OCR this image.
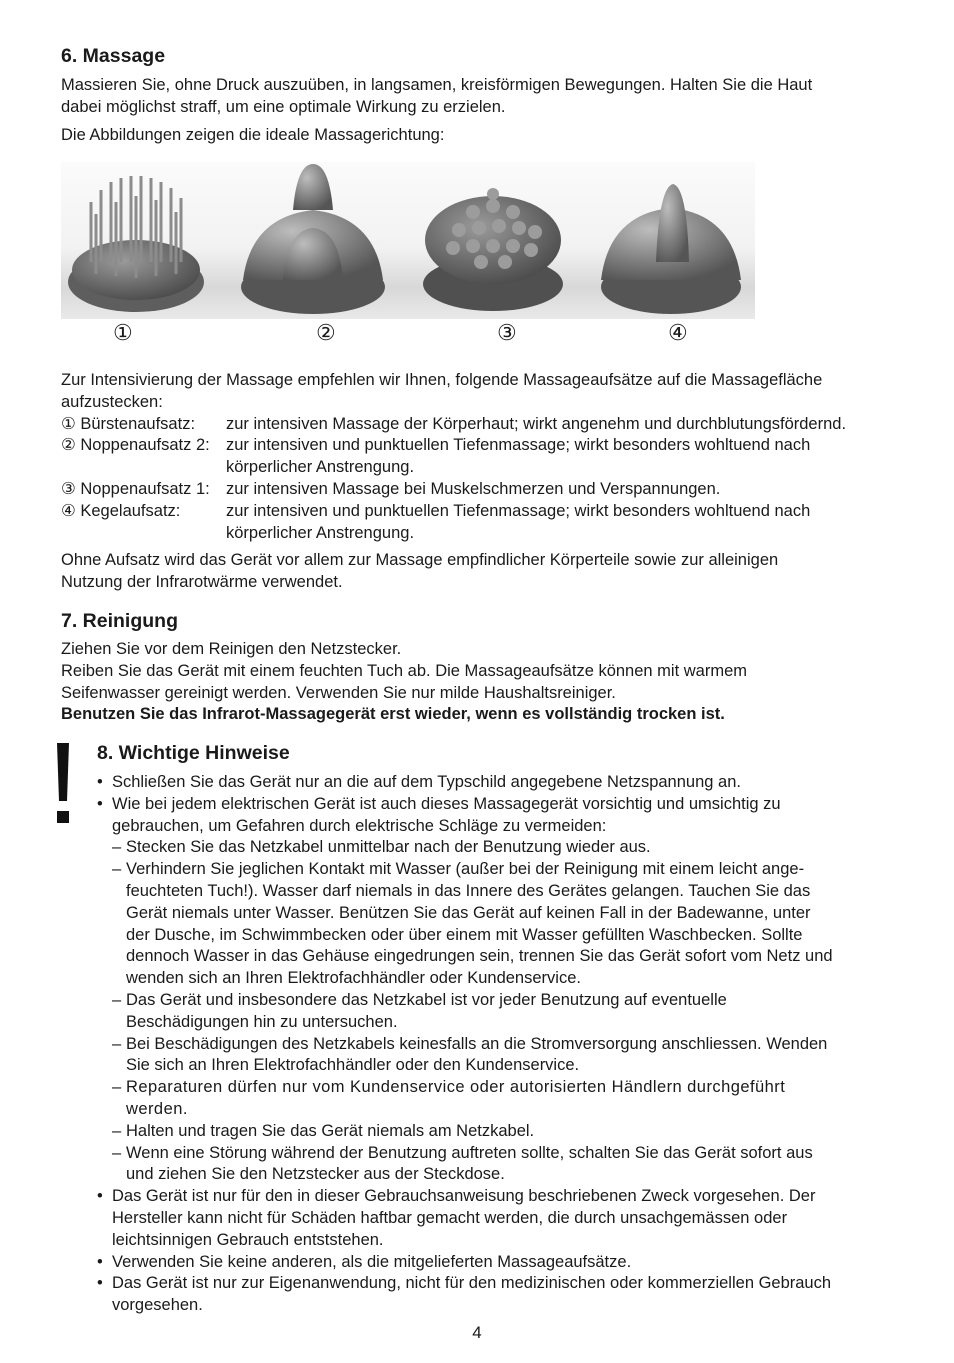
6. Massage

Massieren Sie, ohne Druck auszuüben, in langsamen, kreisförmigen Bewegungen. Halten Sie die Haut

dabei möglichst straff, um eine optimale Wirkung zu erzielen.

Die Abbildungen zeigen die ideale Massagerichtung:

①	②	③	④

Zur Intensivierung der Massage empfehlen wir Ihnen, folgende Massageaufsätze auf die Massagefläche

aufzustecken:

① Bürstenaufsatz:	zur intensiven Massage der Körperhaut; wirkt angenehm und durchblutungsfördernd.
② Noppenaufsatz 2: zur intensiven und punktuellen Tiefenmassage; wirkt besonders wohltuend nach
körperlicher Anstrengung.
③ Noppenaufsatz 1: zur intensiven Massage bei Muskelschmerzen und Verspannungen.
④ Kegelaufsatz:	zur intensiven und punktuellen Tiefenmassage; wirkt besonders wohltuend nach
körperlicher Anstrengung.

Ohne Aufsatz wird das Gerät vor allem zur Massage empfindlicher Körperteile sowie zur alleinigen

Nutzung der Infrarotwärme verwendet.

7. Reinigung

Ziehen Sie vor dem Reinigen den Netzstecker.

Reiben Sie das Gerät mit einem feuchten Tuch ab. Die Massageaufsätze können mit warmem

Seifenwasser gereinigt werden. Verwenden Sie nur milde Haushaltsreiniger.

Benutzen Sie das Infrarot-Massagegerät erst wieder, wenn es vollständig trocken ist.

8. Wichtige Hinweise
• Schließen Sie das Gerät nur an die auf dem Typschild angegebene Netzspannung an.

• Wie bei jedem elektrischen Gerät ist auch dieses Massagegerät vorsichtig und umsichtig zu

gebrauchen, um Gefahren durch elektrische Schläge zu vermeiden:

– Stecken Sie das Netzkabel unmittelbar nach der Benutzung wieder aus.

– Verhindern Sie jeglichen Kontakt mit Wasser (außer bei der Reinigung mit einem leicht ange-

feuchteten Tuch!). Wasser darf niemals in das Innere des Gerätes gelangen. Tauchen Sie das

Gerät niemals unter Wasser. Benützen Sie das Gerät auf keinen Fall in der Badewanne, unter

der Dusche, im Schwimmbecken oder über einem mit Wasser gefüllten Waschbecken. Sollte

dennoch Wasser in das Gehäuse eingedrungen sein, trennen Sie das Gerät sofort vom Netz und

wenden sich an Ihren Elektrofachhändler oder Kundenservice.

– Das Gerät und insbesondere das Netzkabel ist vor jeder Benutzung auf eventuelle

Beschädigungen hin zu untersuchen.

– Bei Beschädigungen des Netzkabels keinesfalls an die Stromversorgung anschliessen. Wenden

Sie sich an Ihren Elektrofachhändler oder den Kundenservice.

– Reparaturen dürfen nur vom Kundenservice oder autorisierten Händlern durchgeführt

werden.

– Halten und tragen Sie das Gerät niemals am Netzkabel.

– Wenn eine Störung während der Benutzung auftreten sollte, schalten Sie das Gerät sofort aus

und ziehen Sie den Netzstecker aus der Steckdose.

• Das Gerät ist nur für den in dieser Gebrauchsanweisung beschriebenen Zweck vorgesehen. Der

Hersteller kann nicht für Schäden haftbar gemacht werden, die durch unsachgemässen oder

leichtsinnigen Gebrauch entststehen.

• Verwenden Sie keine anderen, als die mitgelieferten Massageaufsätze.

• Das Gerät ist nur zur Eigenanwendung, nicht für den medizinischen oder kommerziellen Gebrauch

vorgesehen.

4
